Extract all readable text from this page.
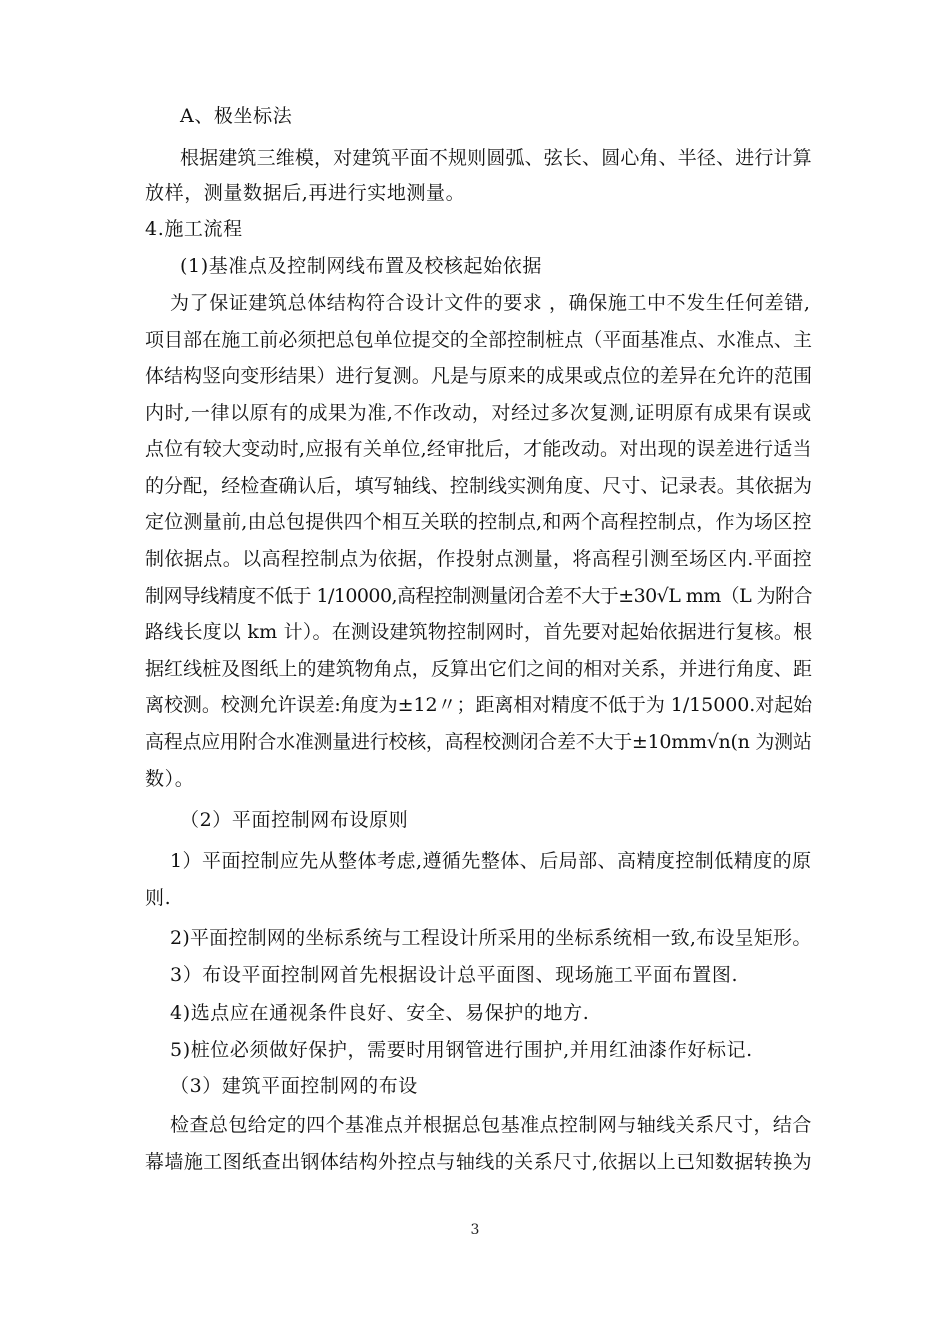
A、极坐标法
根据建筑三维模，对建筑平面不规则圆弧、弦长、圆心角、半径、进行计算
放样，测量数据后,再进行实地测量。
4.施工流程
(1)基准点及控制网线布置及校核起始依据
为了保证建筑总体结构符合设计文件的要求 ，确保施工中不发生任何差错,
项目部在施工前必须把总包单位提交的全部控制桩点（平面基准点、水准点、主
体结构竖向变形结果）进行复测。凡是与原来的成果或点位的差异在允许的范围
内时,一律以原有的成果为准,不作改动，对经过多次复测,证明原有成果有误或
点位有较大变动时,应报有关单位,经审批后，才能改动。对出现的误差进行适当
的分配，经检查确认后，填写轴线、控制线实测角度、尺寸、记录表。其依据为
定位测量前,由总包提供四个相互关联的控制点,和两个高程控制点，作为场区控
制依据点。以高程控制点为依据，作投射点测量，将高程引测至场区内.平面控
制网导线精度不低于 1/10000,高程控制测量闭合差不大于±30√L mm（L 为附合
路线长度以 km 计）。在测设建筑物控制网时，首先要对起始依据进行复核。根
据红线桩及图纸上的建筑物角点，反算出它们之间的相对关系，并进行角度、距
离校测。校测允许误差:角度为±12〃；距离相对精度不低于为 1/15000.对起始
高程点应用附合水准测量进行校核，高程校测闭合差不大于±10mm√n(n 为测站
数）。
（2）平面控制网布设原则
1）平面控制应先从整体考虑,遵循先整体、后局部、高精度控制低精度的原
则.
2)平面控制网的坐标系统与工程设计所采用的坐标系统相一致,布设呈矩形。
3）布设平面控制网首先根据设计总平面图、现场施工平面布置图.
4)选点应在通视条件良好、安全、易保护的地方.
5)桩位必须做好保护，需要时用钢管进行围护,并用红油漆作好标记.
（3）建筑平面控制网的布设
检查总包给定的四个基准点并根据总包基准点控制网与轴线关系尺寸，结合
幕墙施工图纸查出钢体结构外控点与轴线的关系尺寸,依据以上已知数据转换为
3
